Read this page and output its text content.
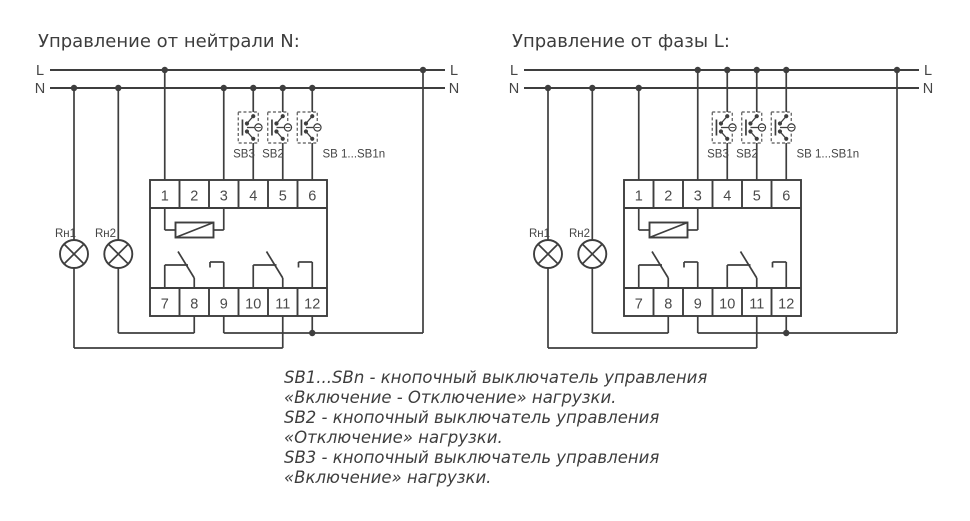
Управление от нейтрали N:
L
N
L
N
1 2 3 4 5 6
7 8 9 10 11 12
Rн1 Rн2
SB3 SB2	SB 1...SB1n
Управление от фазы L:
L
N
L
N
1 2 3 4 5 6
7 8 9 10 11 12
Rн1 Rн2
SB3 SB2	SB 1...SB1n
SB1...SBn - кнопочный выключатель управления
«Включение - Отключение» нагрузки.
SB2 - кнопочный выключатель управления
«Отключение» нагрузки.
SB3 - кнопочный выключатель управления
«Включение» нагрузки.
